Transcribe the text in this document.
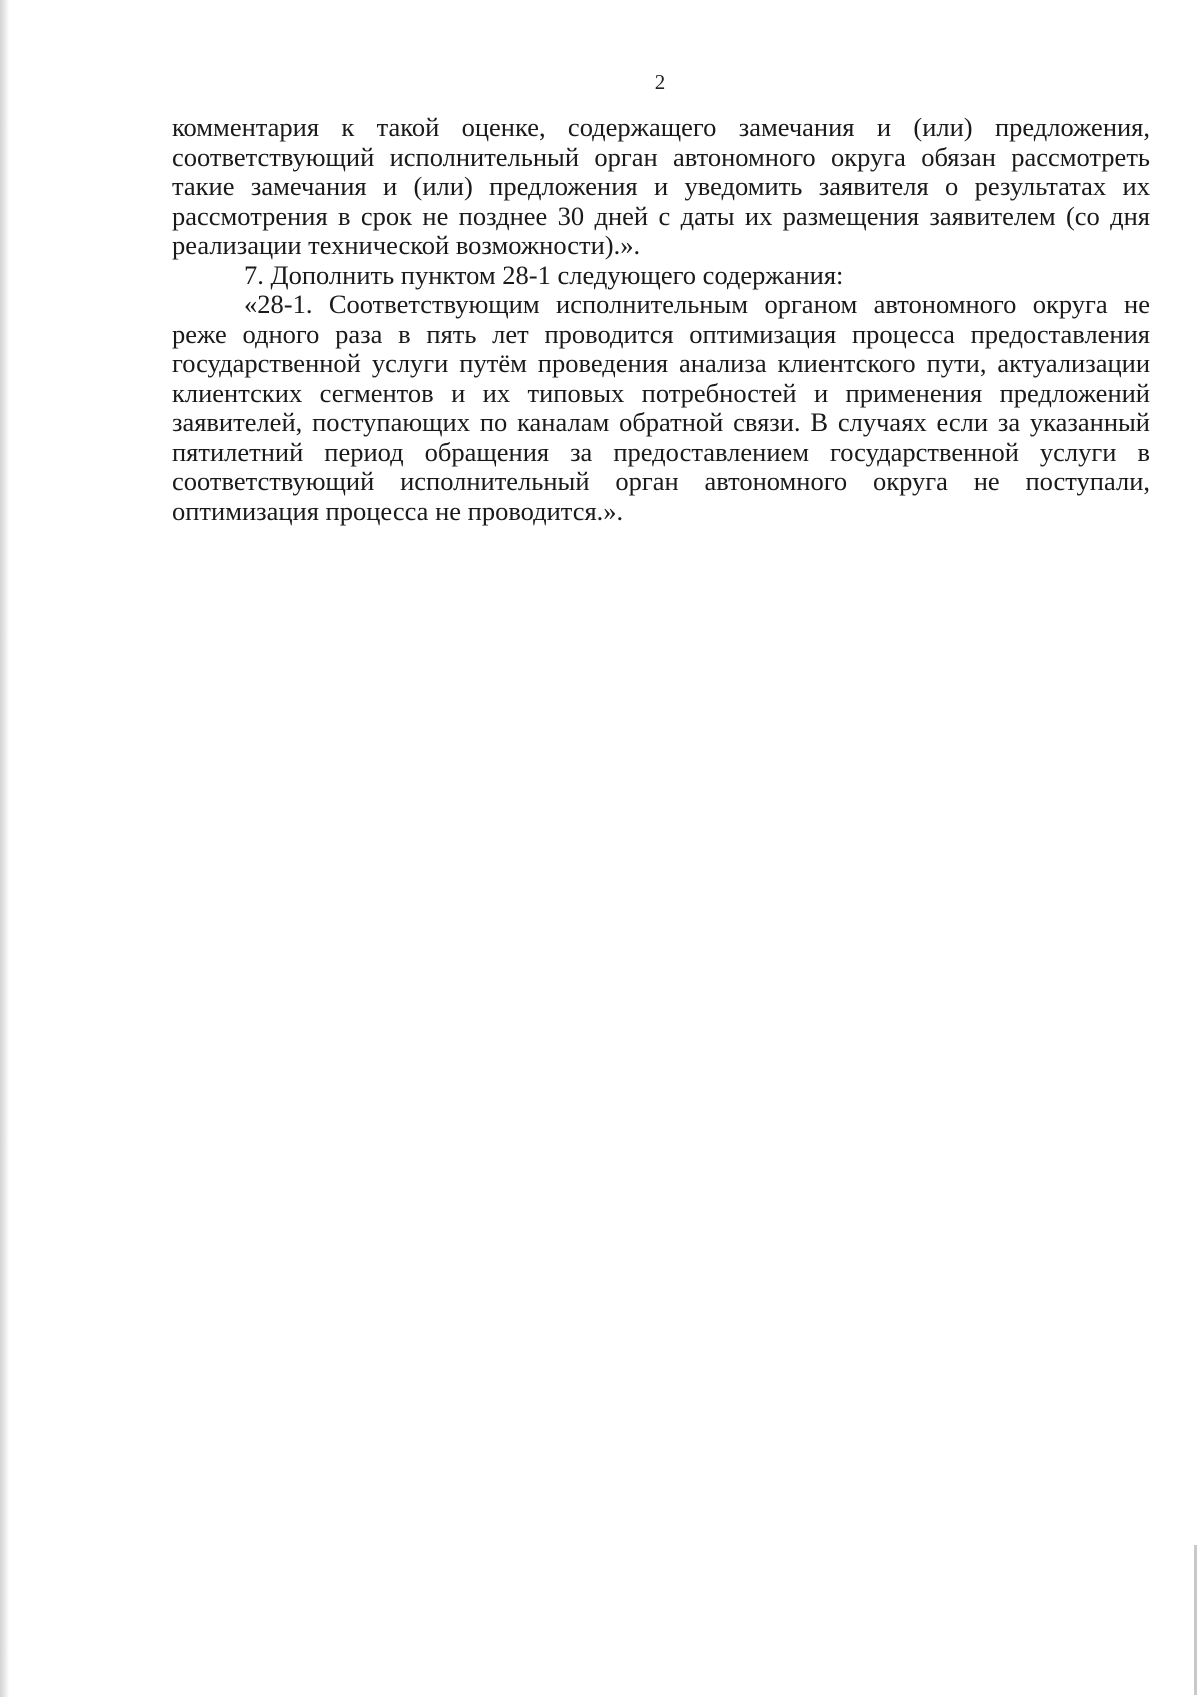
2

комментария к такой оценке, содержащего замечания и (или) предложения, соответствующий исполнительный орган автономного округа обязан рассмотреть такие замечания и (или) предложения и уведомить заявителя о результатах их рассмотрения в срок не позднее 30 дней с даты их размещения заявителем (со дня реализации технической возможности).».

7. Дополнить пунктом 28-1 следующего содержания:

«28-1. Соответствующим исполнительным органом автономного округа не реже одного раза в пять лет проводится оптимизация процесса предоставления государственной услуги путём проведения анализа клиентского пути, актуализации клиентских сегментов и их типовых потребностей и применения предложений заявителей, поступающих по каналам обратной связи. В случаях если за указанный пятилетний период обращения за предоставлением государственной услуги в соответствующий исполнительный орган автономного округа не поступали, оптимизация процесса не проводится.».
